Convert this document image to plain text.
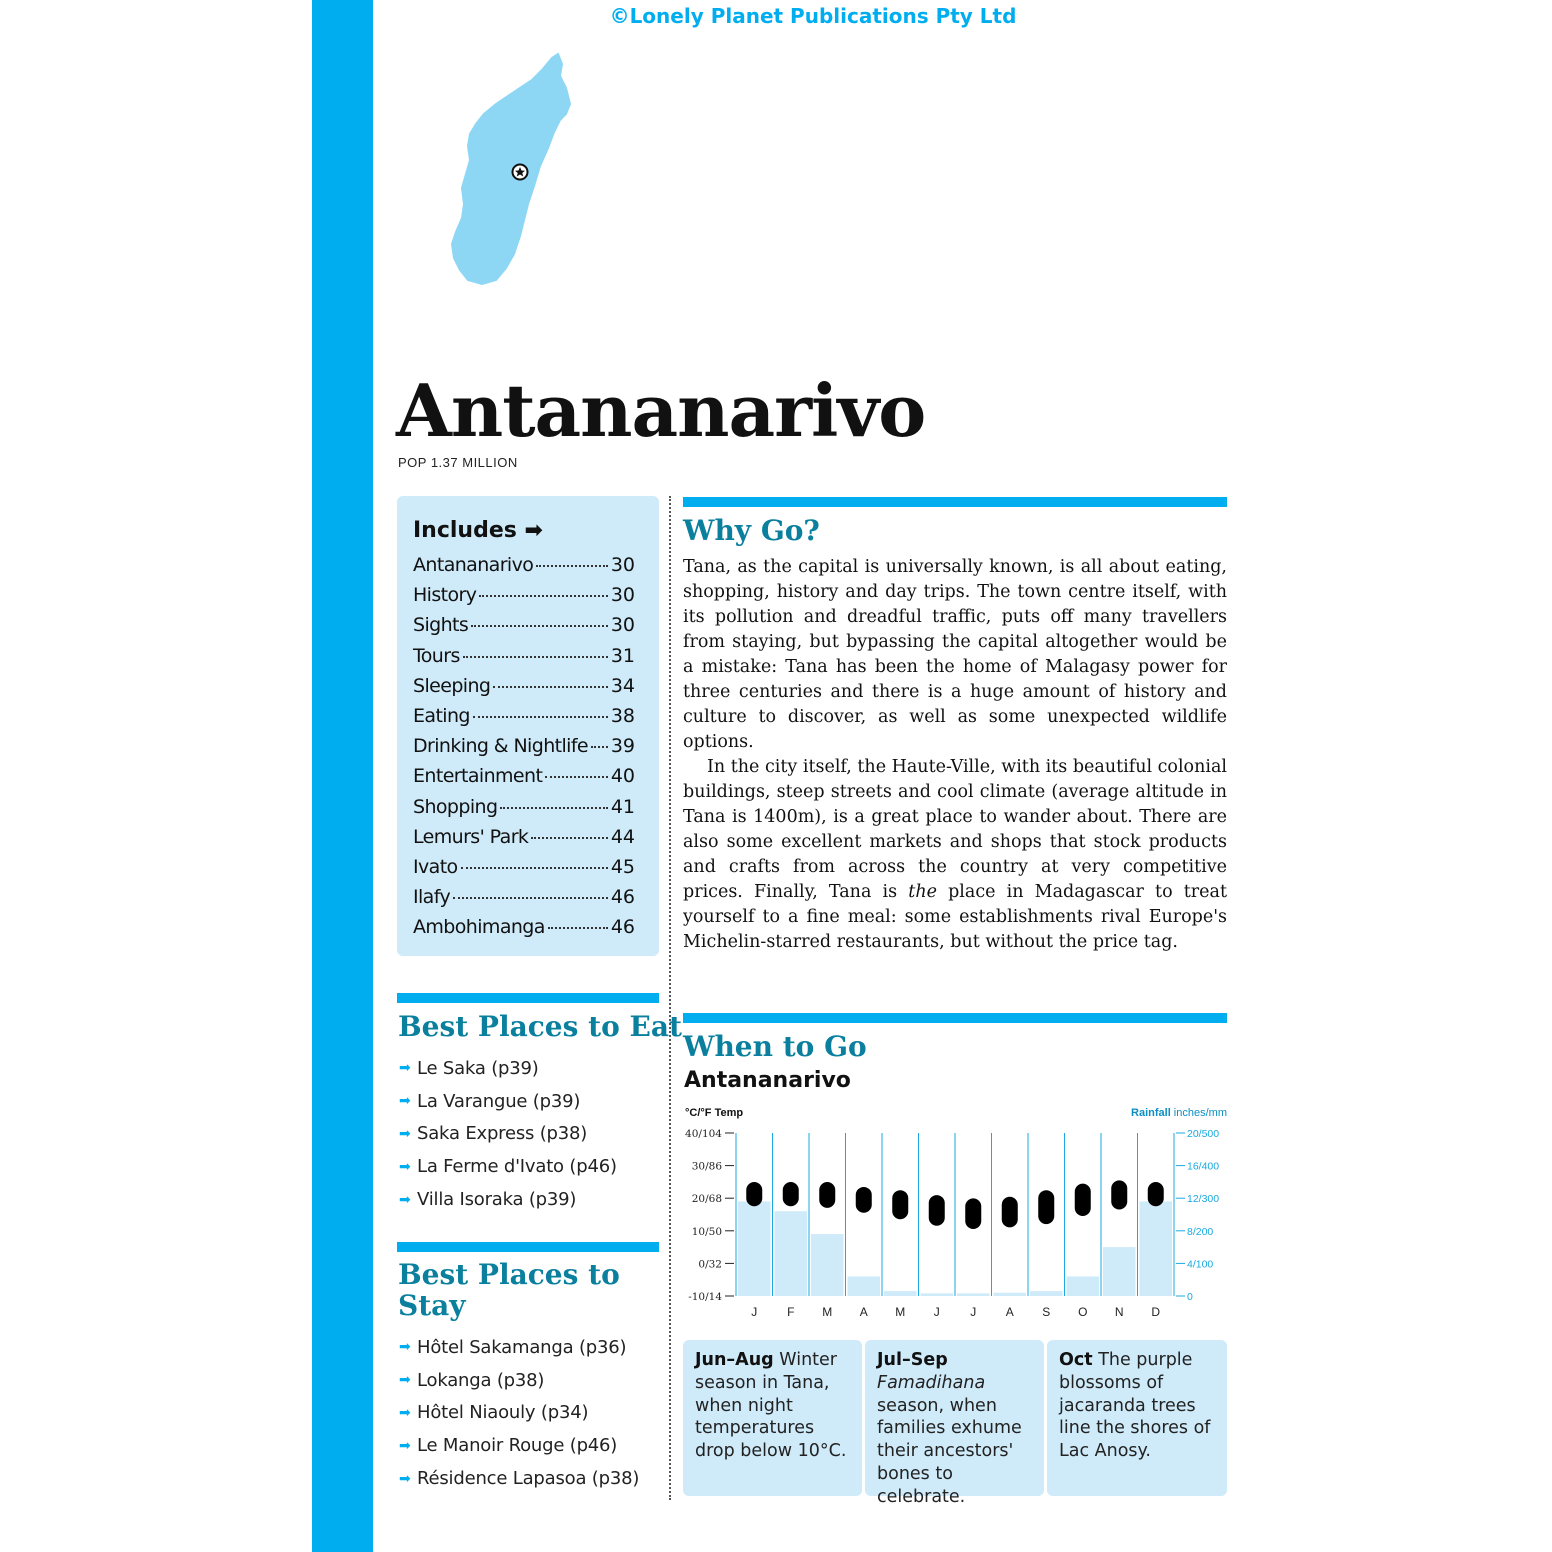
©Lonely Planet Publications Pty Ltd
Antananarivo
POP 1.37 MILLION
Includes ➡
Antananarivo	30
History	30
Sights	30
Tours	31
Sleeping	34
Eating	38
Drinking & Nightlife 39
Entertainment	40
Shopping	41
Lemurs' Park	44
Ivato	45
Ilafy	46
Ambohimanga	46
Best Places to Eat
➡ Le Saka (p39)
➡ La Varangue (p39)
➡ Saka Express (p38)
➡ La Ferme d'Ivato (p46)
➡ Villa Isoraka (p39)
Best Places to
Stay
➡ Hôtel Sakamanga (p36)
➡ Lokanga (p38)
➡ Hôtel Niaouly (p34)
➡ Le Manoir Rouge (p46)
➡ Résidence Lapasoa (p38)
Why Go?

Tana, as the capital is universally known, is all about eating, shopping, history and day trips. The town centre itself, with its pollution and dreadful traffic, puts off many travellers from staying, but bypassing the capital altogether would be a mistake: Tana has been the home of Malagasy power for three centuries and there is a huge amount of history and culture to discover, as well as some unexpected wildlife options.

In the city itself, the Haute-Ville, with its beautiful colonial buildings, steep streets and cool climate (average altitude in Tana is 1400m), is a great place to wander about. There are also some excellent markets and shops that stock products and crafts from across the country at very competitive prices. Finally, Tana is the place in Madagascar to treat yourself to a fine meal: some establishments rival Europe's Michelin-starred restaurants, but without the price tag.

When to Go
Antananarivo
°C/°F Temp	Rainfall inches/mm
40/104
30/86
20/68
10/50
0/32
-10/14
20/500
16/400
12/300
8/200
4/100
0
J F M A M J	J A S O N D
Jun–Aug Winter season in Tana, when night temperatures drop below 10°C.
Jul–Sep Famadihana season, when families exhume their ancestors' bones to celebrate.
Oct The purple blossoms of jacaranda trees line the shores of Lac Anosy.
